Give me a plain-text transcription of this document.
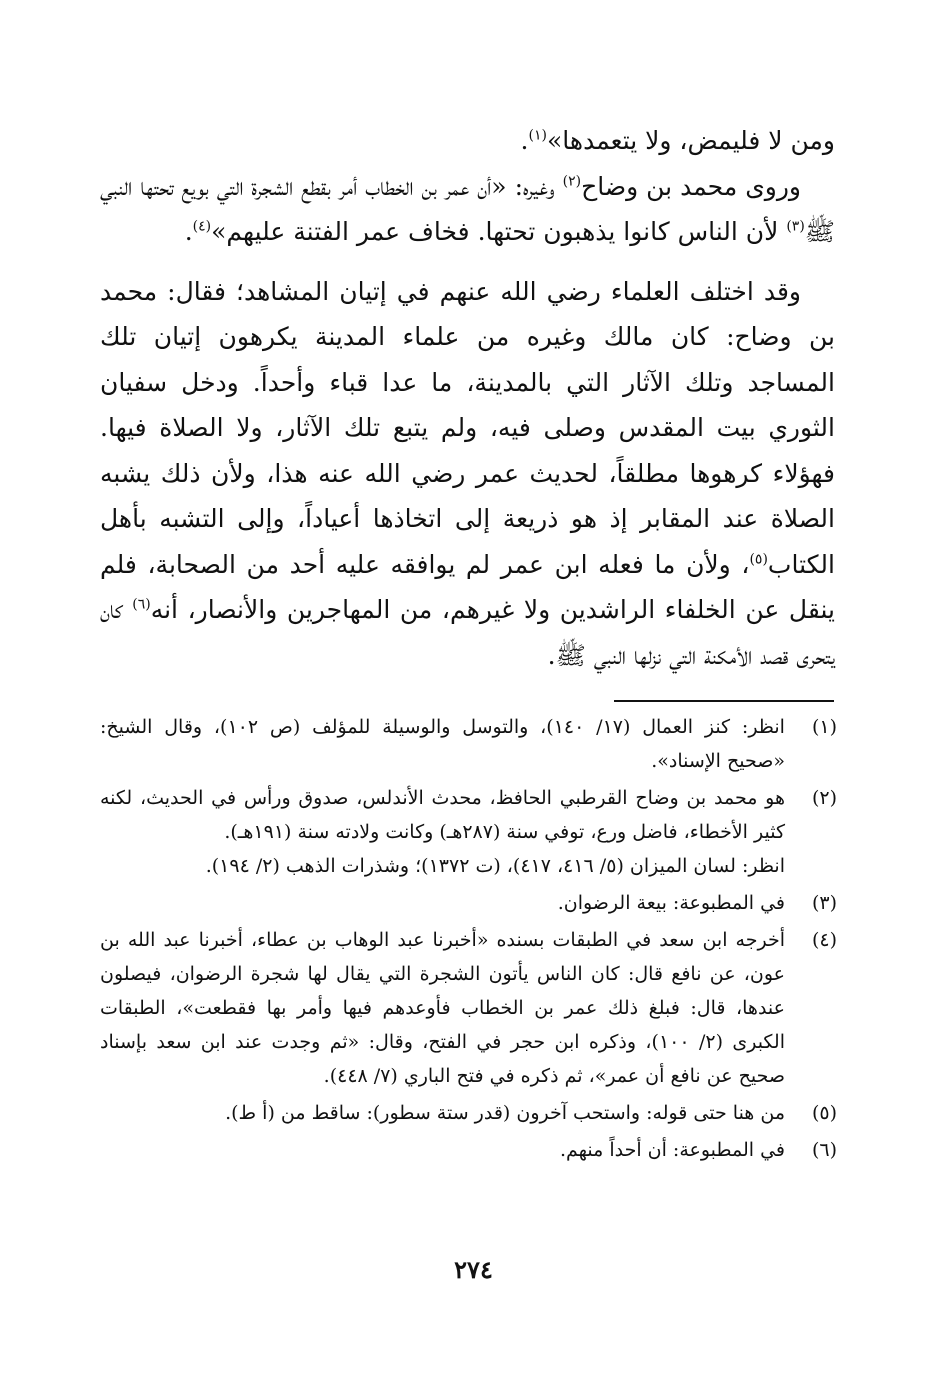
ومن لا فليمض، ولا يتعمدها»$^{(١)}$.

وروى محمد بن وضاح$^{(٢)}$ وغيره: «أن عمر بن الخطاب أمر بقطع الشجرة التي بويع تحتها النبي ﷺ$^{(٣)}$ لأن الناس كانوا يذهبون تحتها. فخاف عمر الفتنة عليهم»$^{(٤)}$.

وقد اختلف العلماء رضي الله عنهم في إتيان المشاهد؛ فقال: محمد بن وضاح: كان مالك وغيره من علماء المدينة يكرهون إتيان تلك المساجد وتلك الآثار التي بالمدينة، ما عدا قباء وأحداً. ودخل سفيان الثوري بيت المقدس وصلى فيه، ولم يتبع تلك الآثار، ولا الصلاة فيها. فهؤلاء كرهوها مطلقاً، لحديث عمر رضي الله عنه هذا، ولأن ذلك يشبه الصلاة عند المقابر إذ هو ذريعة إلى اتخاذها أعياداً، وإلى التشبه بأهل الكتاب$^{(٥)}$، ولأن ما فعله ابن عمر لم يوافقه عليه أحد من الصحابة، فلم ينقل عن الخلفاء الراشدين ولا غيرهم، من المهاجرين والأنصار، أنه$^{(٦)}$ كان يتحرى قصد الأمكنة التي نزلها النبي ﷺ.

(١)
انظر: كنز العمال (١٧/ ١٤٠)، والتوسل والوسيلة للمؤلف (ص ١٠٢)، وقال الشيخ: «صحيح الإسناد».
(٢)
هو محمد بن وضاح القرطبي الحافظ، محدث الأندلس، صدوق ورأس في الحديث، لكنه كثير الأخطاء، فاضل ورع، توفي سنة (٢٨٧هـ) وكانت ولادته سنة (١٩١هـ).
انظر: لسان الميزان (٥/ ٤١٦، ٤١٧)، (ت ١٣٧٢)؛ وشذرات الذهب (٢/ ١٩٤).
(٣)
في المطبوعة: بيعة الرضوان.
(٤)
أخرجه ابن سعد في الطبقات بسنده «أخبرنا عبد الوهاب بن عطاء، أخبرنا عبد الله بن عون، عن نافع قال: كان الناس يأتون الشجرة التي يقال لها شجرة الرضوان، فيصلون عندها، قال: فبلغ ذلك عمر بن الخطاب فأوعدهم فيها وأمر بها فقطعت»، الطبقات الكبرى (٢/ ١٠٠)، وذكره ابن حجر في الفتح، وقال: «ثم وجدت عند ابن سعد بإسناد صحيح عن نافع أن عمر»، ثم ذكره في فتح الباري (٧/ ٤٤٨).
(٥)
من هنا حتى قوله: واستحب آخرون (قدر ستة سطور): ساقط من (أ ط).
(٦)
في المطبوعة: أن أحداً منهم.
٢٧٤
